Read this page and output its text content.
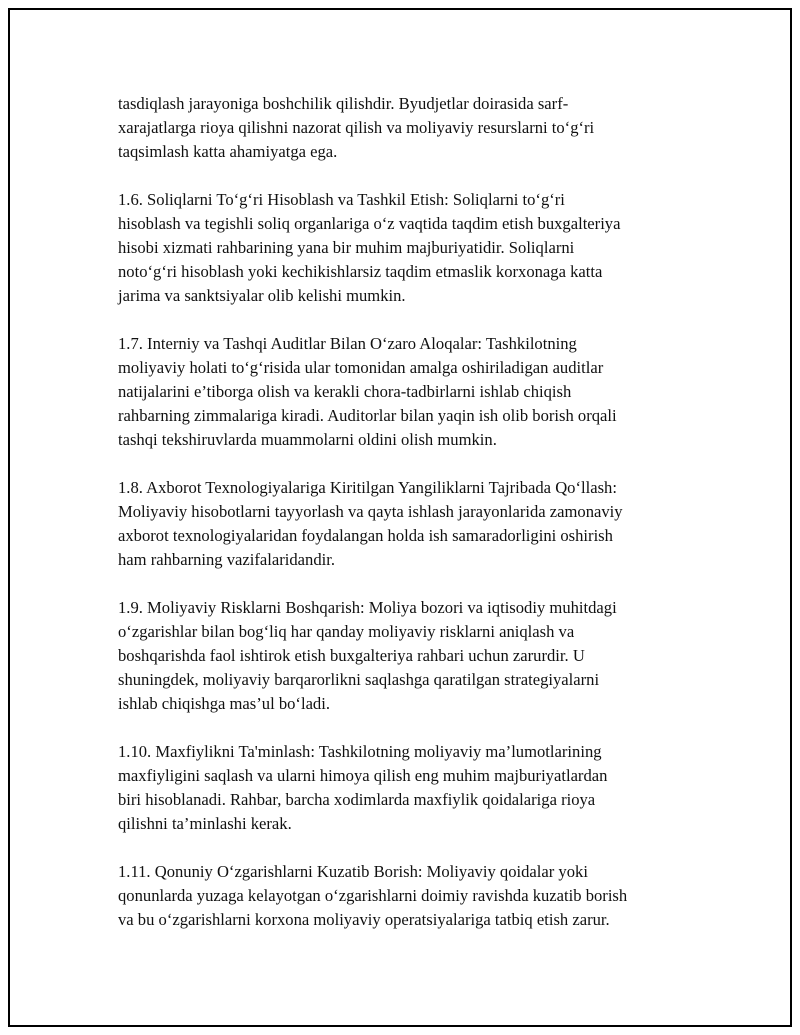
tasdiqlash jarayoniga boshchilik qilishdir. Byudjetlar doirasida sarf-
xarajatlarga rioya qilishni nazorat qilish va moliyaviy resurslarni to‘g‘ri
taqsimlash katta ahamiyatga ega.

1.6. Soliqlarni To‘g‘ri Hisoblash va Tashkil Etish: Soliqlarni to‘g‘ri
hisoblash va tegishli soliq organlariga o‘z vaqtida taqdim etish buxgalteriya
hisobi xizmati rahbarining yana bir muhim majburiyatidir. Soliqlarni
noto‘g‘ri hisoblash yoki kechikishlarsiz taqdim etmaslik korxonaga katta
jarima va sanktsiyalar olib kelishi mumkin.

1.7. Interniy va Tashqi Auditlar Bilan O‘zaro Aloqalar: Tashkilotning
moliyaviy holati to‘g‘risida ular tomonidan amalga oshiriladigan auditlar
natijalarini e’tiborga olish va kerakli chora-tadbirlarni ishlab chiqish
rahbarning zimmalariga kiradi. Auditorlar bilan yaqin ish olib borish orqali
tashqi tekshiruvlarda muammolarni oldini olish mumkin.

1.8. Axborot Texnologiyalariga Kiritilgan Yangiliklarni Tajribada Qo‘llash:
Moliyaviy hisobotlarni tayyorlash va qayta ishlash jarayonlarida zamonaviy
axborot texnologiyalaridan foydalangan holda ish samaradorligini oshirish
ham rahbarning vazifalaridandir.

1.9. Moliyaviy Risklarni Boshqarish: Moliya bozori va iqtisodiy muhitdagi
o‘zgarishlar bilan bog‘liq har qanday moliyaviy risklarni aniqlash va
boshqarishda faol ishtirok etish buxgalteriya rahbari uchun zarurdir. U
shuningdek, moliyaviy barqarorlikni saqlashga qaratilgan strategiyalarni
ishlab chiqishga mas’ul bo‘ladi.

1.10. Maxfiylikni Ta'minlash: Tashkilotning moliyaviy ma’lumotlarining
maxfiyligini saqlash va ularni himoya qilish eng muhim majburiyatlardan
biri hisoblanadi. Rahbar, barcha xodimlarda maxfiylik qoidalariga rioya
qilishni ta’minlashi kerak.

1.11. Qonuniy O‘zgarishlarni Kuzatib Borish: Moliyaviy qoidalar yoki
qonunlarda yuzaga kelayotgan o‘zgarishlarni doimiy ravishda kuzatib borish
va bu o‘zgarishlarni korxona moliyaviy operatsiyalariga tatbiq etish zarur.
